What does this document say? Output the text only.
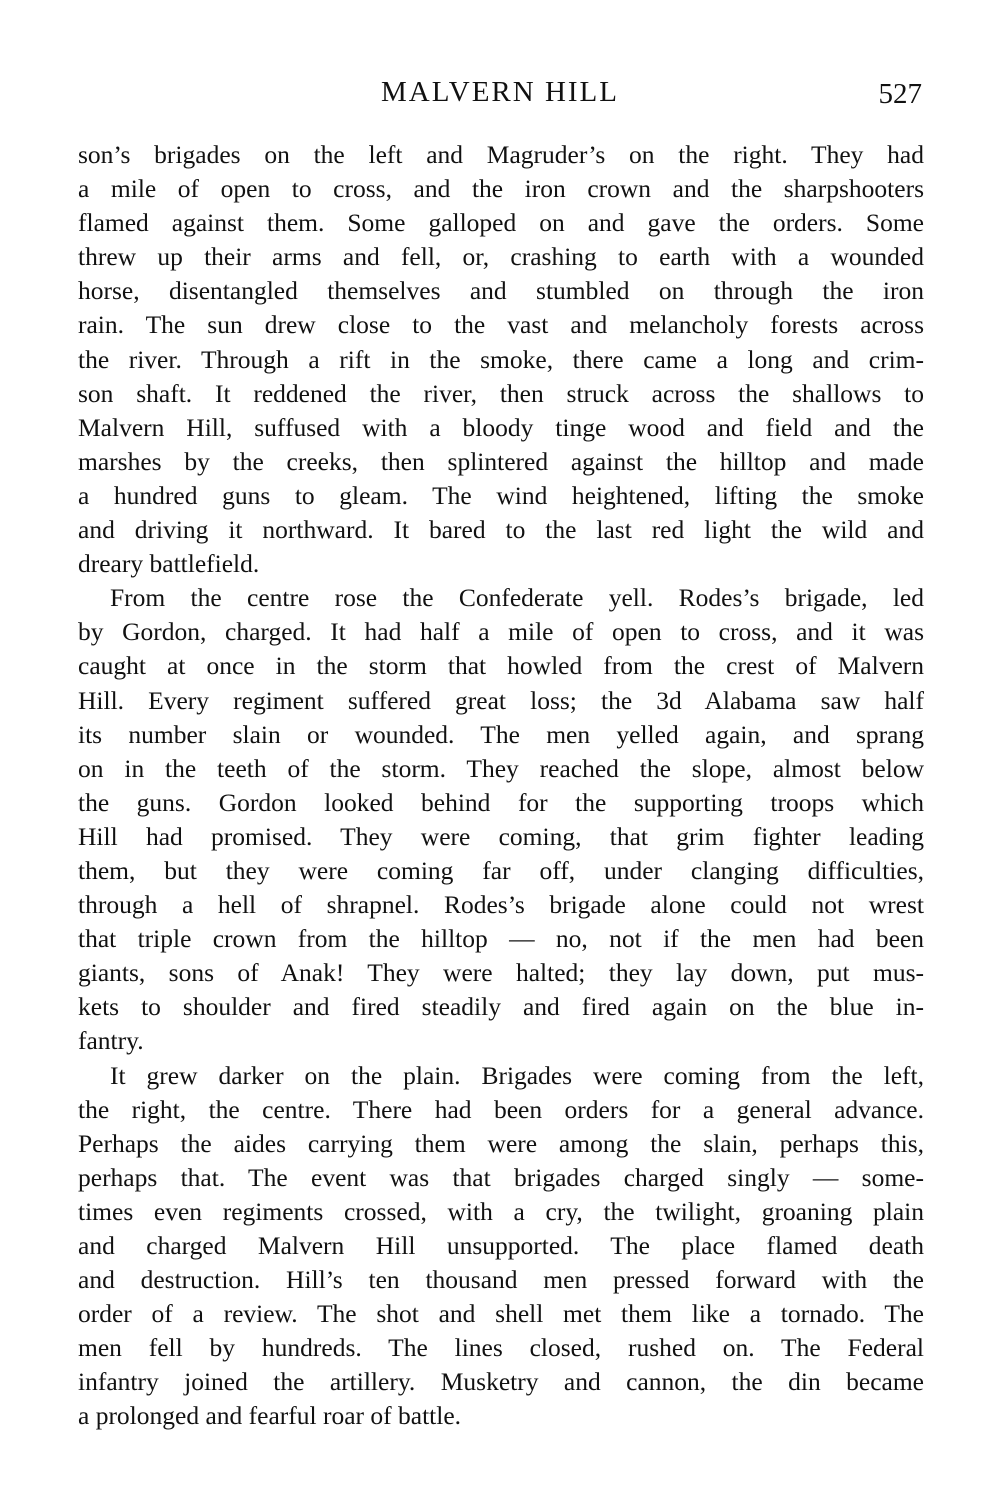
MALVERN HILL	527
son’s brigades on the left and Magruder’s on the right. They had
a mile of open to cross, and the iron crown and the sharpshooters
flamed against them. Some galloped on and gave the orders. Some
threw up their arms and fell, or, crashing to earth with a wounded
horse, disentangled themselves and stumbled on through the iron
rain. The sun drew close to the vast and melancholy forests across
the river. Through a rift in the smoke, there came a long and crim-
son shaft. It reddened the river, then struck across the shallows to
Malvern Hill, suffused with a bloody tinge wood and field and the
marshes by the creeks, then splintered against the hilltop and made
a hundred guns to gleam. The wind heightened, lifting the smoke
and driving it northward. It bared to the last red light the wild and
dreary battlefield.
From the centre rose the Confederate yell. Rodes’s brigade, led
by Gordon, charged. It had half a mile of open to cross, and it was
caught at once in the storm that howled from the crest of Malvern
Hill. Every regiment suffered great loss; the 3d Alabama saw half
its number slain or wounded. The men yelled again, and sprang
on in the teeth of the storm. They reached the slope, almost below
the guns. Gordon looked behind for the supporting troops which
Hill had promised. They were coming, that grim fighter leading
them, but they were coming far off, under clanging difficulties,
through a hell of shrapnel. Rodes’s brigade alone could not wrest
that triple crown from the hilltop — no, not if the men had been
giants, sons of Anak! They were halted; they lay down, put mus-
kets to shoulder and fired steadily and fired again on the blue in-
fantry.
It grew darker on the plain. Brigades were coming from the left,
the right, the centre. There had been orders for a general advance.
Perhaps the aides carrying them were among the slain, perhaps this,
perhaps that. The event was that brigades charged singly — some-
times even regiments crossed, with a cry, the twilight, groaning plain
and charged Malvern Hill unsupported. The place flamed death
and destruction. Hill’s ten thousand men pressed forward with the
order of a review. The shot and shell met them like a tornado. The
men fell by hundreds. The lines closed, rushed on. The Federal
infantry joined the artillery. Musketry and cannon, the din became
a prolonged and fearful roar of battle.
